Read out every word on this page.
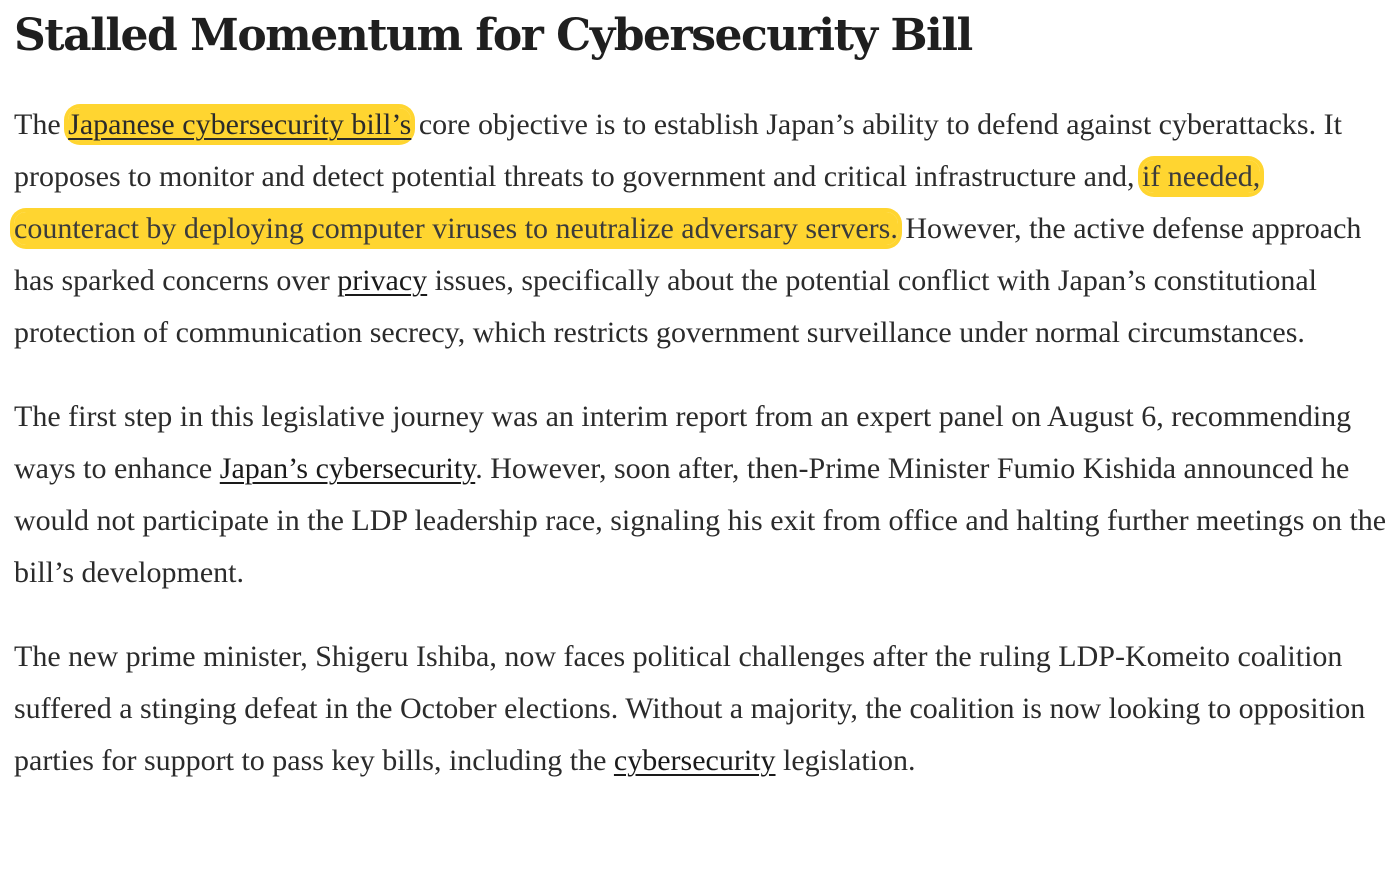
Stalled Momentum for Cybersecurity Bill

The Japanese cybersecurity bill’s core objective is to establish Japan’s ability to defend against cyberattacks. It proposes to monitor and detect potential threats to government and critical infrastructure and, if needed, counteract by deploying computer viruses to neutralize adversary servers. However, the active defense approach has sparked concerns over privacy issues, specifically about the potential conflict with Japan’s constitutional protection of communication secrecy, which restricts government surveillance under normal circumstances.

The first step in this legislative journey was an interim report from an expert panel on August 6, recommending ways to enhance Japan’s cybersecurity. However, soon after, then-Prime Minister Fumio Kishida announced he would not participate in the LDP leadership race, signaling his exit from office and halting further meetings on the bill’s development.

The new prime minister, Shigeru Ishiba, now faces political challenges after the ruling LDP-Komeito coalition suffered a stinging defeat in the October elections. Without a majority, the coalition is now looking to opposition parties for support to pass key bills, including the cybersecurity legislation.
